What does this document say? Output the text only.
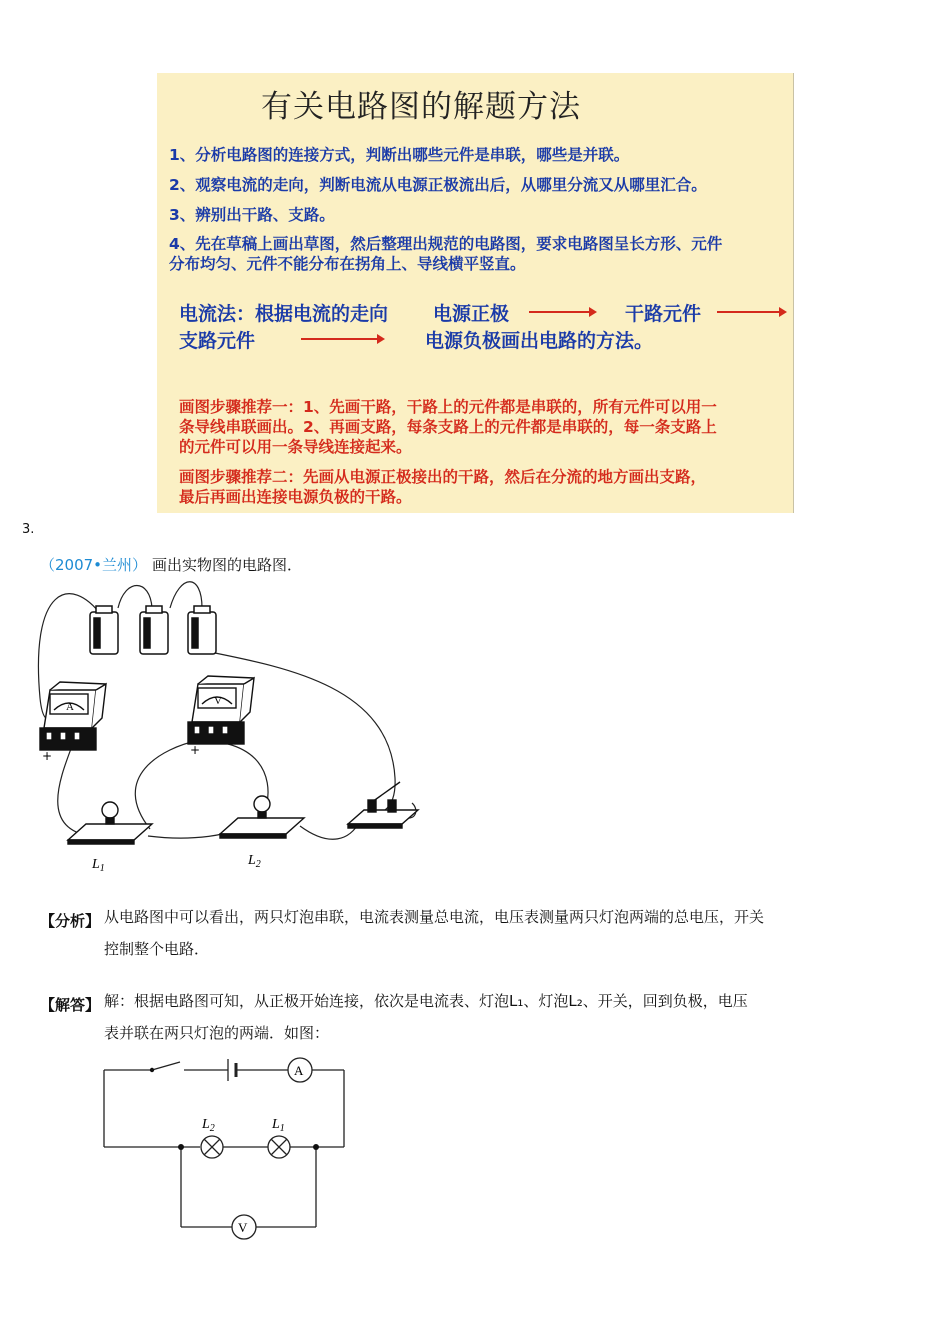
有关电路图的解题方法
1、分析电路图的连接方式，判断出哪些元件是串联，哪些是并联。
2、观察电流的走向，判断电流从电源正极流出后，从哪里分流又从哪里汇合。
3、辨别出干路、支路。
4、先在草稿上画出草图，然后整理出规范的电路图，要求电路图呈长方形、元件
分布均匀、元件不能分布在拐角上、导线横平竖直。
电流法：根据电流的走向 电源正极	干路元件
支路元件	电源负极画出电路的方法。
画图步骤推荐一：1、先画干路，干路上的元件都是串联的，所有元件可以用一
条导线串联画出。2、再画支路，每条支路上的元件都是串联的，每一条支路上
的元件可以用一条导线连接起来。
画图步骤推荐二：先画从电源正极接出的干路，然后在分流的地方画出支路，
最后再画出连接电源负极的干路。
3.
（2007•兰州） 画出实物图的电路图．
A
+
V
+
$L_1$
$L_2$
【分析】 从电路图中可以看出，两只灯泡串联，电流表测量总电流，电压表测量两只灯泡两端的总电压，开关
控制整个电路．
【解答】 解：根据电路图可知，从正极开始连接，依次是电流表、灯泡L₁、灯泡L₂、开关，回到负极，电压
表并联在两只灯泡的两端．如图：
A
V
$L_2$	$L_1$
